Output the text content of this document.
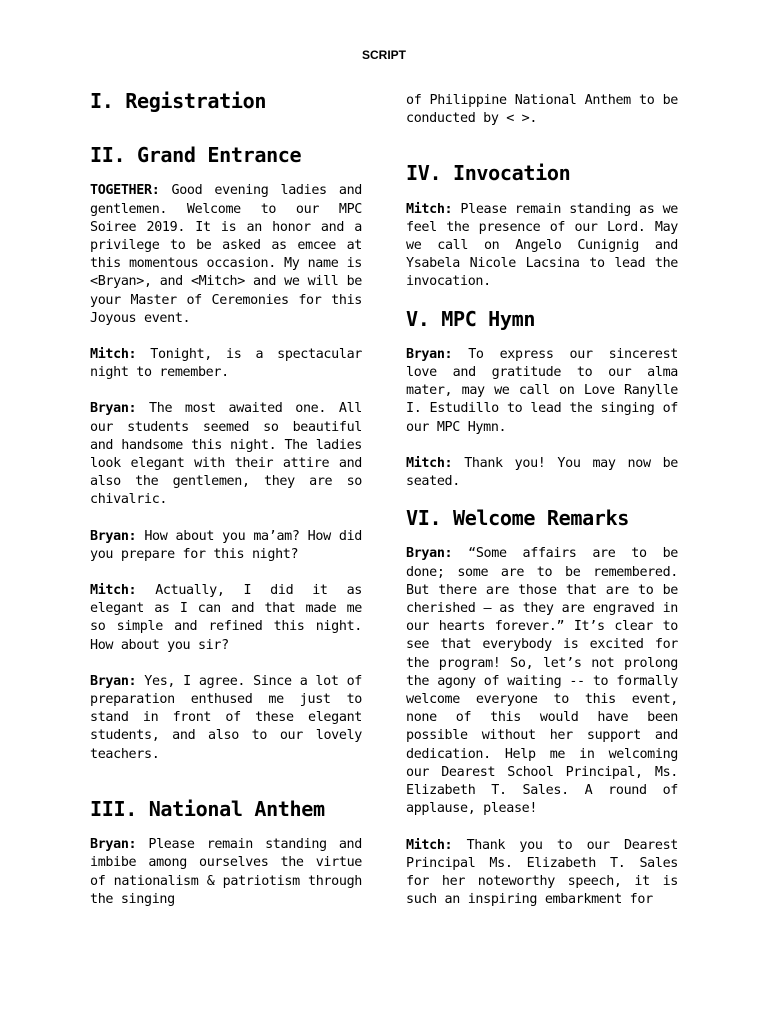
SCRIPT
I. Registration
II. Grand Entrance

TOGETHER: Good evening ladies and gentlemen. Welcome to our MPC Soiree 2019. It is an honor and a privilege to be asked as emcee at this momentous occasion. My name is <Bryan>, and <Mitch> and we will be your Master of Ceremonies for this Joyous event.

Mitch: Tonight, is a spectacular night to remember.

Bryan: The most awaited one. All our students seemed so beautiful and handsome this night. The ladies look elegant with their attire and also the gentlemen, they are so chivalric.

Bryan: How about you ma’am? How did you prepare for this night?

Mitch: Actually, I did it as elegant as I can and that made me so simple and refined this night. How about you sir?

Bryan: Yes, I agree. Since a lot of preparation enthused me just to stand in front of these elegant students, and also to our lovely teachers.

III. National Anthem

Bryan: Please remain standing and imbibe among ourselves the virtue of nationalism & patriotism through the singing

of Philippine National Anthem to be conducted by < >.

IV. Invocation

Mitch: Please remain standing as we feel the presence of our Lord. May we call on Angelo Cunignig and Ysabela Nicole Lacsina to lead the invocation.

V. MPC Hymn

Bryan: To express our sincerest love and gratitude to our alma mater, may we call on Love Ranylle I. Estudillo to lead the singing of our MPC Hymn.

Mitch: Thank you! You may now be seated.

VI. Welcome Remarks

Bryan: “Some affairs are to be done; some are to be remembered. But there are those that are to be cherished – as they are engraved in our hearts forever.” It’s clear to see that everybody is excited for the program! So, let’s not prolong the agony of waiting -- to formally welcome everyone to this event, none of this would have been possible without her support and dedication. Help me in welcoming our Dearest School Principal, Ms. Elizabeth T. Sales. A round of applause, please!

Mitch: Thank you to our Dearest Principal Ms. Elizabeth T. Sales for her noteworthy speech, it is such an inspiring embarkment for
